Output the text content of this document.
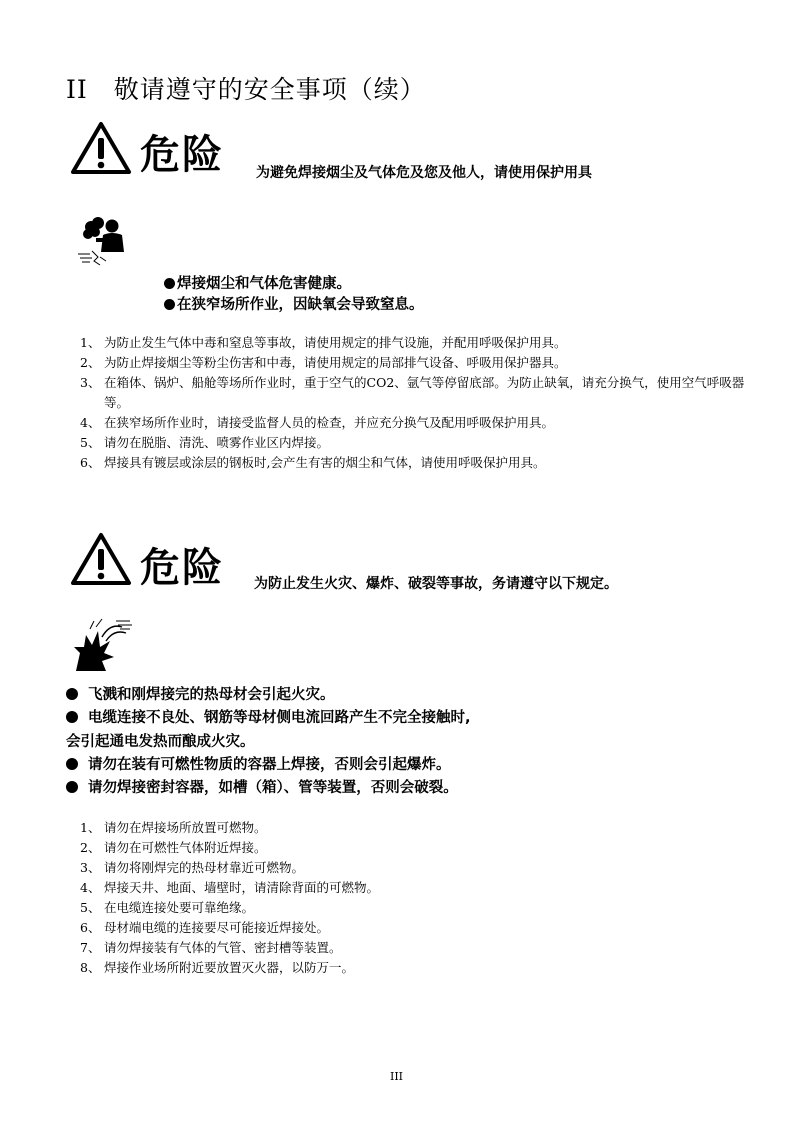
II 敬请遵守的安全事项（续）
危险 为避免焊接烟尘及气体危及您及他人，请使用保护用具
焊接烟尘和气体危害健康。
在狭窄场所作业，因缺氧会导致窒息。
1、 为防止发生气体中毒和窒息等事故，请使用规定的排气设施，并配用呼吸保护用具。
2、 为防止焊接烟尘等粉尘伤害和中毒，请使用规定的局部排气设备、呼吸用保护器具。
3、 在箱体、锅炉、船舱等场所作业时，重于空气的CO2、氩气等停留底部。为防止缺氧，请充分换气，使用空气呼吸器等。
4、 在狭窄场所作业时，请接受监督人员的检查，并应充分换气及配用呼吸保护用具。
5、 请勿在脱脂、清洗、喷雾作业区内焊接。
6、 焊接具有镀层或涂层的钢板时,会产生有害的烟尘和气体，请使用呼吸保护用具。
危险 为防止发生火灾、爆炸、破裂等事故，务请遵守以下规定。
飞溅和刚焊接完的热母材会引起火灾。
电缆连接不良处、钢筋等母材侧电流回路产生不完全接触时,
会引起通电发热而酿成火灾。
请勿在装有可燃性物质的容器上焊接，否则会引起爆炸。
请勿焊接密封容器，如槽（箱）、管等装置，否则会破裂。
1、 请勿在焊接场所放置可燃物。
2、 请勿在可燃性气体附近焊接。
3、 请勿将刚焊完的热母材靠近可燃物。
4、 焊接天井、地面、墙壁时，请清除背面的可燃物。
5、 在电缆连接处要可靠绝缘。
6、 母材端电缆的连接要尽可能接近焊接处。
7、 请勿焊接装有气体的气管、密封槽等装置。
8、 焊接作业场所附近要放置灭火器，以防万一。
III
